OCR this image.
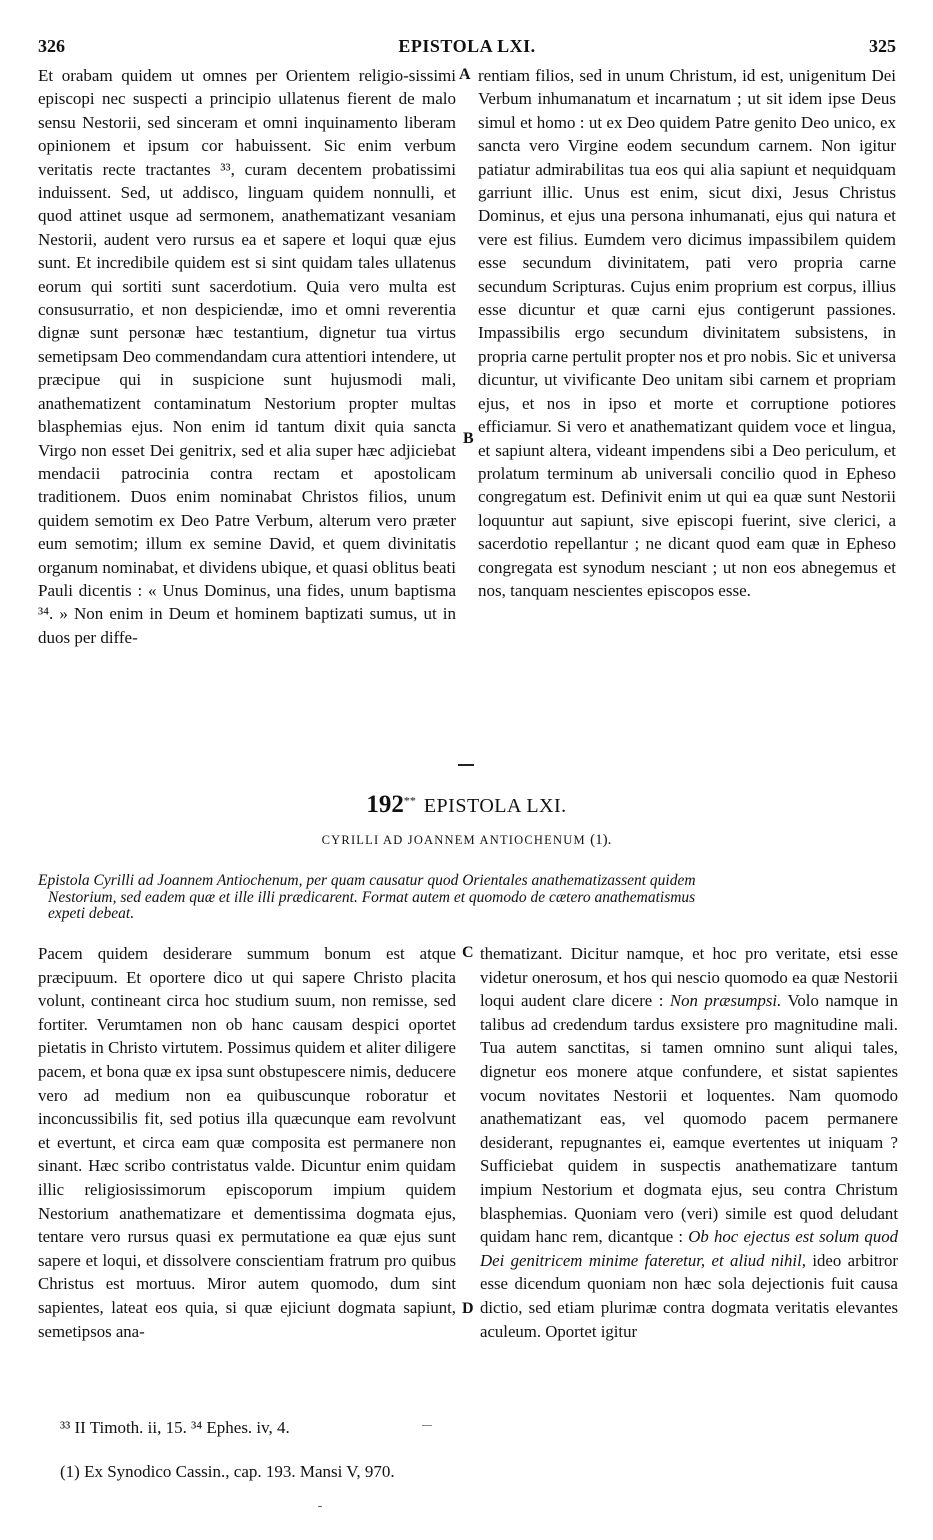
326	EPISTOLA LXI.	325
Et orabam quidem ut omnes per Orientem religio-sissimi episcopi nec suspecti a principio ullatenus fierent de malo sensu Nestorii, sed sinceram et omni inquinamento liberam opinionem et ipsum cor habuissent. Sic enim verbum veritatis recte tractantes ³³, curam decentem probatissimi induissent. Sed, ut addisco, linguam quidem nonnulli, et quod attinet usque ad sermonem, anathematizant vesaniam Nestorii, audent vero rursus ea et sapere et loqui quæ ejus sunt. Et incredibile quidem est si sint quidam tales ullatenus eorum qui sortiti sunt sacerdotium. Quia vero multa est consusurratio, et non despiciendæ, imo et omni reverentia dignæ sunt personæ hæc testantium, dignetur tua virtus semetipsam Deo commendandam cura attentiori intendere, ut præcipue qui in suspicione sunt hujusmodi mali, anathematizent contaminatum Nestorium propter multas blasphemias ejus. Non enim id tantum dixit quia sancta Virgo non esset Dei genitrix, sed et alia super hæc adjiciebat mendacii patrocinia contra rectam et apostolicam traditionem. Duos enim nominabat Christos filios, unum quidem semotim ex Deo Patre Verbum, alterum vero præter eum semotim; illum ex semine David, et quem divinitatis organum nominabat, et dividens ubique, et quasi oblitus beati Pauli dicentis : « Unus Dominus, una fides, unum baptisma ³⁴. » Non enim in Deum et hominem baptizati sumus, ut in duos per diffe-
A
B
rentiam filios, sed in unum Christum, id est, unigenitum Dei Verbum inhumanatum et incarnatum ; ut sit idem ipse Deus simul et homo : ut ex Deo quidem Patre genito Deo unico, ex sancta vero Virgine eodem secundum carnem. Non igitur patiatur admirabilitas tua eos qui alia sapiunt et nequidquam garriunt illic. Unus est enim, sicut dixi, Jesus Christus Dominus, et ejus una persona inhumanati, ejus qui natura et vere est filius. Eumdem vero dicimus impassibilem quidem esse secundum divinitatem, pati vero propria carne secundum Scripturas. Cujus enim proprium est corpus, illius esse dicuntur et quæ carni ejus contigerunt passiones. Impassibilis ergo secundum divinitatem subsistens, in propria carne pertulit propter nos et pro nobis. Sic et universa dicuntur, ut vivificante Deo unitam sibi carnem et propriam ejus, et nos in ipso et morte et corruptione potiores efficiamur. Si vero et anathematizant quidem voce et lingua, et sapiunt altera, videant impendens sibi a Deo periculum, et prolatum terminum ab universali concilio quod in Epheso congregatum est. Definivit enim ut qui ea quæ sunt Nestorii loquuntur aut sapiunt, sive episcopi fuerint, sive clerici, a sacerdotio repellantur ; ne dicant quod eam quæ in Epheso congregata est synodum nesciant ; ut non eos abnegemus et nos, tanquam nescientes episcopos esse.
192** EPISTOLA LXI.
CYRILLI AD JOANNEM ANTIOCHENUM (1).
Epistola Cyrilli ad Joannem Antiochenum, per quam causatur quod Orientales anathematizassent quidem
Nestorium, sed eadem quæ et ille illi prædicarent. Format autem et quomodo de cætero anathematismus
expeti debeat.
Pacem quidem desiderare summum bonum est atque præcipuum. Et oportere dico ut qui sapere Christo placita volunt, contineant circa hoc studium suum, non remisse, sed fortiter. Verumtamen non ob hanc causam despici oportet pietatis in Christo virtutem. Possimus quidem et aliter diligere pacem, et bona quæ ex ipsa sunt obstupescere nimis, deducere vero ad medium non ea quibuscunque roboratur et inconcussibilis fit, sed potius illa quæcunque eam revolvunt et evertunt, et circa eam quæ composita est permanere non sinant. Hæc scribo contristatus valde. Dicuntur enim quidam illic religiosissimorum episcoporum impium quidem Nestorium anathematizare et dementissima dogmata ejus, tentare vero rursus quasi ex permutatione ea quæ ejus sunt sapere et loqui, et dissolvere conscientiam fratrum pro quibus Christus est mortuus. Miror autem quomodo, dum sint sapientes, lateat eos quia, si quæ ejiciunt dogmata sapiunt, semetipsos ana-
C
D
thematizant. Dicitur namque, et hoc pro veritate, etsi esse videtur onerosum, et hos qui nescio quomodo ea quæ Nestorii loqui audent clare dicere : Non præsumpsi. Volo namque in talibus ad credendum tardus exsistere pro magnitudine mali. Tua autem sanctitas, si tamen omnino sunt aliqui tales, dignetur eos monere atque confundere, et sistat sapientes vocum novitates Nestorii et loquentes. Nam quomodo anathematizant eas, vel quomodo pacem permanere desiderant, repugnantes ei, eamque evertentes ut iniquam ? Sufficiebat quidem in suspectis anathematizare tantum impium Nestorium et dogmata ejus, seu contra Christum blasphemias. Quoniam vero (veri) simile est quod deludant quidam hanc rem, dicantque : Ob hoc ejectus est solum quod Dei genitricem minime fateretur, et aliud nihil, ideo arbitror esse dicendum quoniam non hæc sola dejectionis fuit causa dictio, sed etiam plurimæ contra dogmata veritatis elevantes aculeum. Oportet igitur
³³ II Timoth. ii, 15. ³⁴ Ephes. iv, 4.
(1) Ex Synodico Cassin., cap. 193. Mansi V, 970.
